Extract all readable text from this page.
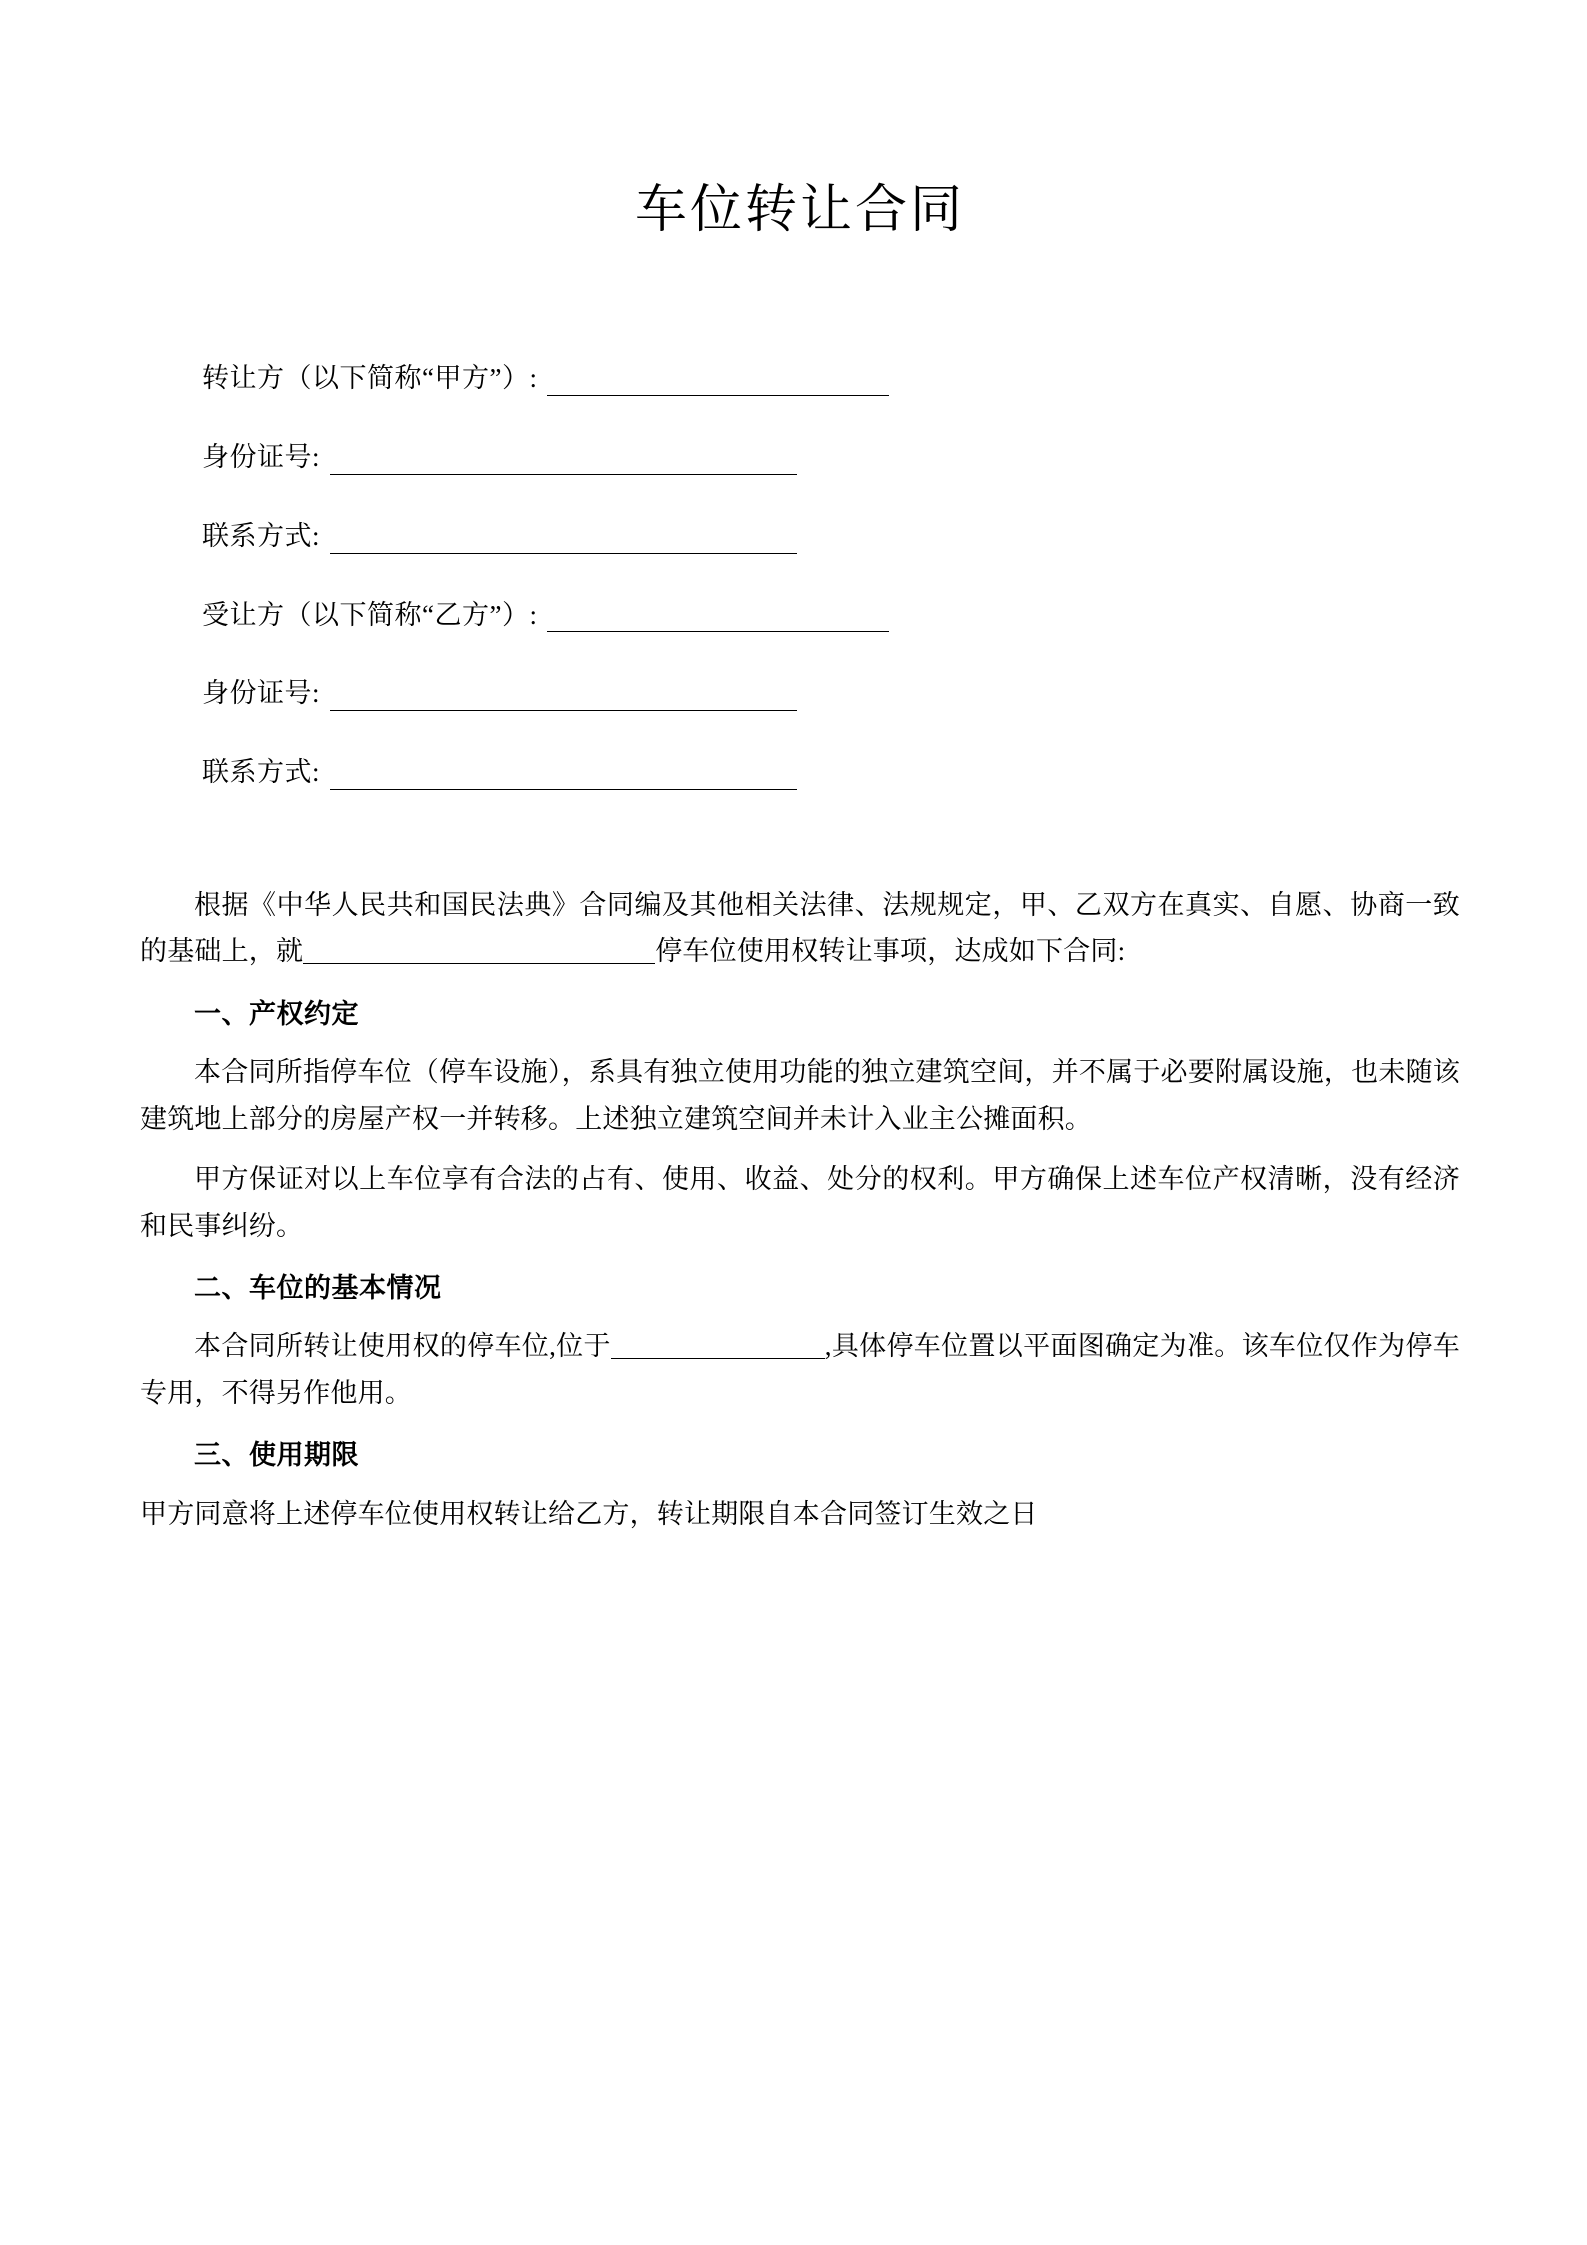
车位转让合同
转让方（以下简称“甲方”）:
身份证号:
联系方式:
受让方（以下简称“乙方”）:
身份证号:
联系方式:

根据《中华人民共和国民法典》合同编及其他相关法律、法规规定，甲、乙双方在真实、自愿、协商一致的基础上，就	停车位使用权转让事项，达成如下合同:

一、产权约定

本合同所指停车位（停车设施），系具有独立使用功能的独立建筑空间，并不属于必要附属设施，也未随该建筑地上部分的房屋产权一并转移。上述独立建筑空间并未计入业主公摊面积。

甲方保证对以上车位享有合法的占有、使用、收益、处分的权利。甲方确保上述车位产权清晰，没有经济和民事纠纷。

二、车位的基本情况

本合同所转让使用权的停车位,位于	,具体停车位置以平面图确定为准。该车位仅作为停车专用，不得另作他用。

三、使用期限

甲方同意将上述停车位使用权转让给乙方，转让期限自本合同签订生效之日
